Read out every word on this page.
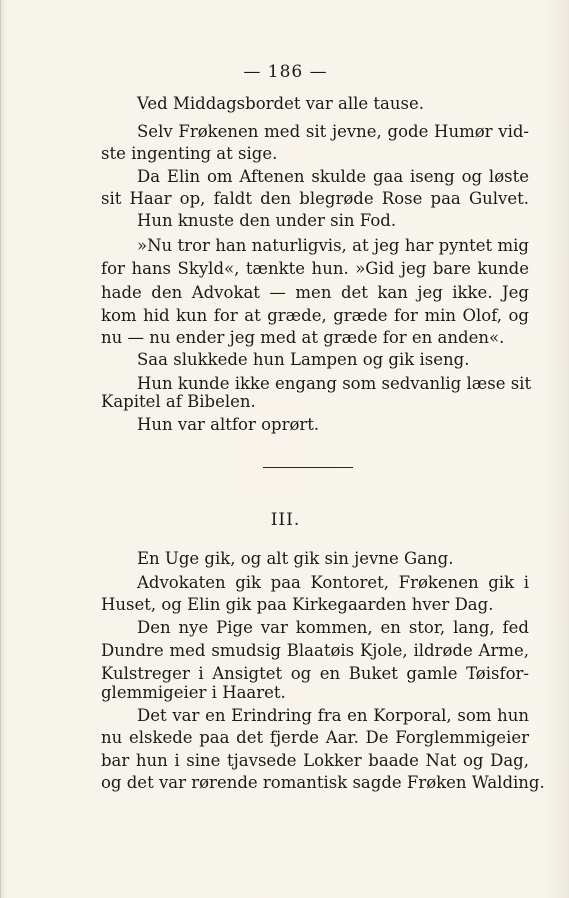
— 186 —
Ved Middagsbordet var alle tause.
Selv Frøkenen med sit jevne, gode Humør vid-
ste ingenting at sige.
Da Elin om Aftenen skulde gaa iseng og løste
sit Haar op, faldt den blegrøde Rose paa Gulvet.
Hun knuste den under sin Fod.
»Nu tror han naturligvis, at jeg har pyntet mig
for hans Skyld«, tænkte hun. »Gid jeg bare kunde
hade den Advokat — men det kan jeg ikke. Jeg
kom hid kun for at græde, græde for min Olof, og
nu — nu ender jeg med at græde for en anden«.
Saa slukkede hun Lampen og gik iseng.
Hun kunde ikke engang som sedvanlig læse sit
Kapitel af Bibelen.
Hun var altfor oprørt.
III.
En Uge gik, og alt gik sin jevne Gang.
Advokaten gik paa Kontoret, Frøkenen gik i
Huset, og Elin gik paa Kirkegaarden hver Dag.
Den nye Pige var kommen, en stor, lang, fed
Dundre med smudsig Blaatøis Kjole, ildrøde Arme,
Kulstreger i Ansigtet og en Buket gamle Tøisfor-
glemmigeier i Haaret.
Det var en Erindring fra en Korporal, som hun
nu elskede paa det fjerde Aar. De Forglemmigeier
bar hun i sine tjavsede Lokker baade Nat og Dag,
og det var rørende romantisk sagde Frøken Walding.
